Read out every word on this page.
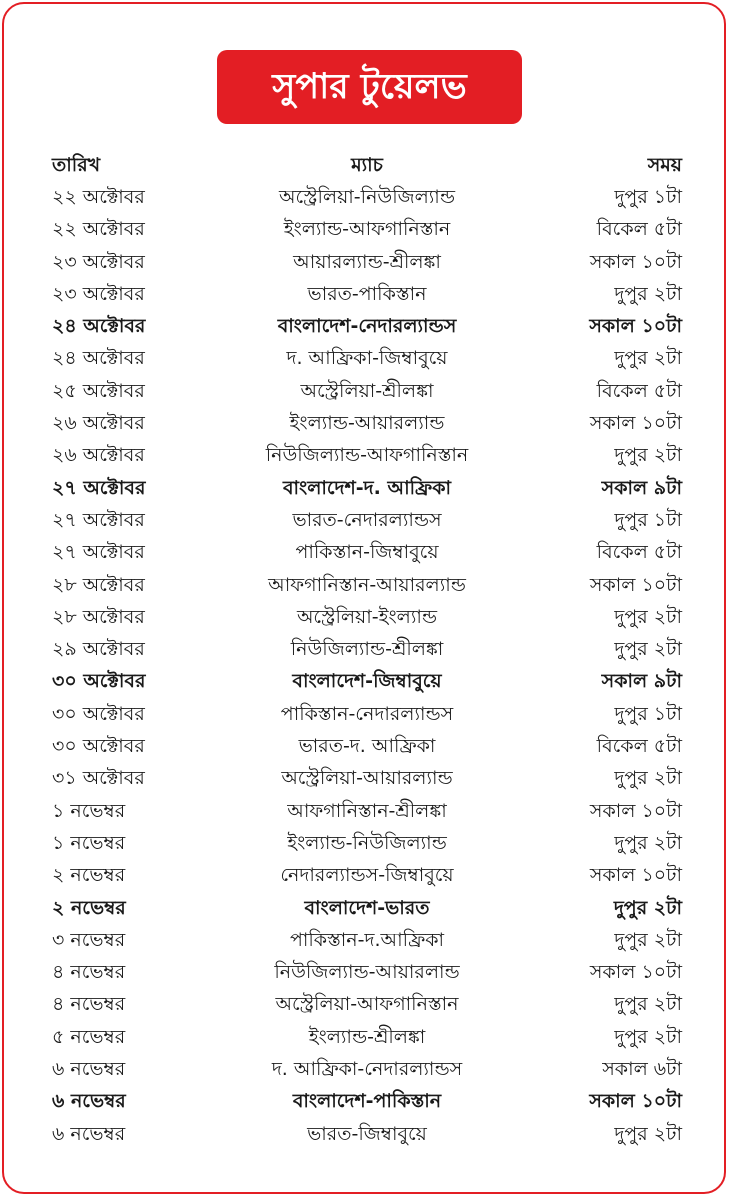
সুপার টুয়েলভ
তারিখ	ম্যাচ	সময়
২২ অক্টোবর	অস্ট্রেলিয়া-নিউজিল্যান্ড	দুপুর ১টা
২২ অক্টোবর	ইংল্যান্ড-আফগানিস্তান	বিকেল ৫টা
২৩ অক্টোবর	আয়ারল্যান্ড-শ্রীলঙ্কা	সকাল ১০টা
২৩ অক্টোবর	ভারত-পাকিস্তান	দুপুর ২টা
২৪ অক্টোবর	বাংলাদেশ-নেদারল্যান্ডস	সকাল ১০টা
২৪ অক্টোবর	দ. আফ্রিকা-জিম্বাবুয়ে	দুপুর ২টা
২৫ অক্টোবর	অস্ট্রেলিয়া-শ্রীলঙ্কা	বিকেল ৫টা
২৬ অক্টোবর	ইংল্যান্ড-আয়ারল্যান্ড	সকাল ১০টা
২৬ অক্টোবর	নিউজিল্যান্ড-আফগানিস্তান	দুপুর ২টা
২৭ অক্টোবর	বাংলাদেশ-দ. আফ্রিকা	সকাল ৯টা
২৭ অক্টোবর	ভারত-নেদারল্যান্ডস	দুপুর ১টা
২৭ অক্টোবর	পাকিস্তান-জিম্বাবুয়ে	বিকেল ৫টা
২৮ অক্টোবর	আফগানিস্তান-আয়ারল্যান্ড	সকাল ১০টা
২৮ অক্টোবর	অস্ট্রেলিয়া-ইংল্যান্ড	দুপুর ২টা
২৯ অক্টোবর	নিউজিল্যান্ড-শ্রীলঙ্কা	দুপুর ২টা
৩০ অক্টোবর	বাংলাদেশ-জিম্বাবুয়ে	সকাল ৯টা
৩০ অক্টোবর	পাকিস্তান-নেদারল্যান্ডস	দুপুর ১টা
৩০ অক্টোবর	ভারত-দ. আফ্রিকা	বিকেল ৫টা
৩১ অক্টোবর	অস্ট্রেলিয়া-আয়ারল্যান্ড	দুপুর ২টা
১ নভেম্বর	আফগানিস্তান-শ্রীলঙ্কা	সকাল ১০টা
১ নভেম্বর	ইংল্যান্ড-নিউজিল্যান্ড	দুপুর ২টা
২ নভেম্বর	নেদারল্যান্ডস-জিম্বাবুয়ে	সকাল ১০টা
২ নভেম্বর	বাংলাদেশ-ভারত	দুপুর ২টা
৩ নভেম্বর	পাকিস্তান-দ.আফ্রিকা	দুপুর ২টা
৪ নভেম্বর	নিউজিল্যান্ড-আয়ারলান্ড	সকাল ১০টা
৪ নভেম্বর	অস্ট্রেলিয়া-আফগানিস্তান	দুপুর ২টা
৫ নভেম্বর	ইংল্যান্ড-শ্রীলঙ্কা	দুপুর ২টা
৬ নভেম্বর	দ. আফ্রিকা-নেদারল্যান্ডস	সকাল ৬টা
৬ নভেম্বর	বাংলাদেশ-পাকিস্তান	সকাল ১০টা
৬ নভেম্বর	ভারত-জিম্বাবুয়ে	দুপুর ২টা
